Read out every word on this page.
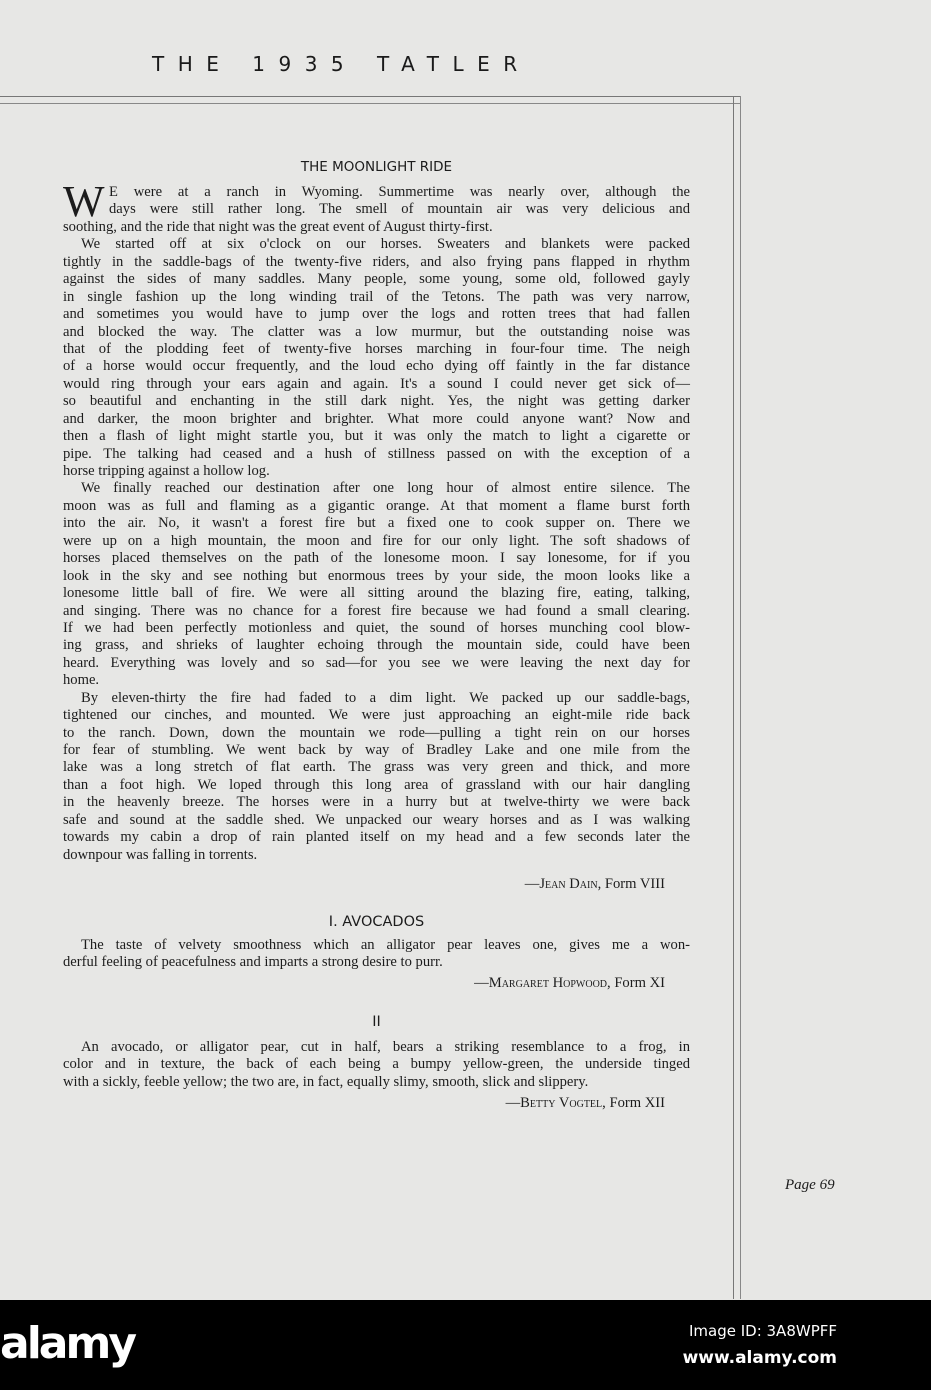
THE 1935 TATLER
THE MOONLIGHT RIDE
W E were at a ranch in Wyoming. Summertime was nearly over, although the
days were still rather long. The smell of mountain air was very delicious and
soothing, and the ride that night was the great event of August thirty-first.
We started off at six o'clock on our horses. Sweaters and blankets were packed
tightly in the saddle-bags of the twenty-five riders, and also frying pans flapped in rhythm
against the sides of many saddles. Many people, some young, some old, followed gayly
in single fashion up the long winding trail of the Tetons. The path was very narrow,
and sometimes you would have to jump over the logs and rotten trees that had fallen
and blocked the way. The clatter was a low murmur, but the outstanding noise was
that of the plodding feet of twenty-five horses marching in four-four time. The neigh
of a horse would occur frequently, and the loud echo dying off faintly in the far distance
would ring through your ears again and again. It's a sound I could never get sick of—
so beautiful and enchanting in the still dark night. Yes, the night was getting darker
and darker, the moon brighter and brighter. What more could anyone want? Now and
then a flash of light might startle you, but it was only the match to light a cigarette or
pipe. The talking had ceased and a hush of stillness passed on with the exception of a
horse tripping against a hollow log.
We finally reached our destination after one long hour of almost entire silence. The
moon was as full and flaming as a gigantic orange. At that moment a flame burst forth
into the air. No, it wasn't a forest fire but a fixed one to cook supper on. There we
were up on a high mountain, the moon and fire for our only light. The soft shadows of
horses placed themselves on the path of the lonesome moon. I say lonesome, for if you
look in the sky and see nothing but enormous trees by your side, the moon looks like a
lonesome little ball of fire. We were all sitting around the blazing fire, eating, talking,
and singing. There was no chance for a forest fire because we had found a small clearing.
If we had been perfectly motionless and quiet, the sound of horses munching cool blow-
ing grass, and shrieks of laughter echoing through the mountain side, could have been
heard. Everything was lovely and so sad—for you see we were leaving the next day for
home.
By eleven-thirty the fire had faded to a dim light. We packed up our saddle-bags,
tightened our cinches, and mounted. We were just approaching an eight-mile ride back
to the ranch. Down, down the mountain we rode—pulling a tight rein on our horses
for fear of stumbling. We went back by way of Bradley Lake and one mile from the
lake was a long stretch of flat earth. The grass was very green and thick, and more
than a foot high. We loped through this long area of grassland with our hair dangling
in the heavenly breeze. The horses were in a hurry but at twelve-thirty we were back
safe and sound at the saddle shed. We unpacked our weary horses and as I was walking
towards my cabin a drop of rain planted itself on my head and a few seconds later the
downpour was falling in torrents.
—Jean Dain, Form VIII
I. AVOCADOS
The taste of velvety smoothness which an alligator pear leaves one, gives me a won-
derful feeling of peacefulness and imparts a strong desire to purr.
—Margaret Hopwood, Form XI
II
An avocado, or alligator pear, cut in half, bears a striking resemblance to a frog, in
color and in texture, the back of each being a bumpy yellow-green, the underside tinged
with a sickly, feeble yellow; the two are, in fact, equally slimy, smooth, slick and slippery.
—Betty Vogtel, Form XII
Page 69
alamy	Image ID: 3A8WPFF
www.alamy.com
